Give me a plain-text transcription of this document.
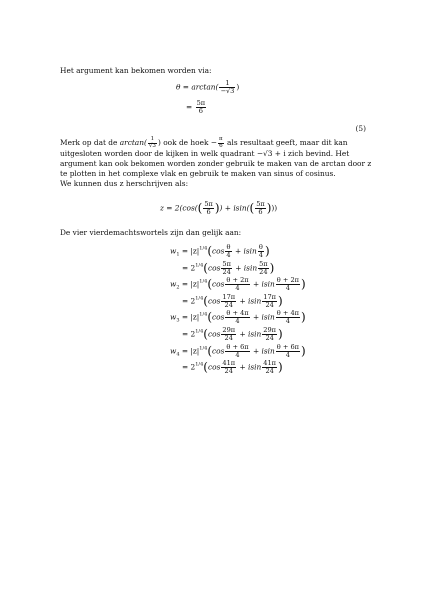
Het argument kan bekomen worden via:
$\theta = \arctan( \frac{1}{-√3}$ )
= $\frac{5\pi}{6}$
(5)
Merk op dat de $\arctan( \frac{1}{√3}$ ) ook de hoek − $\frac{\pi}{6}$ als resultaat geeft, maar dit kan
uitgesloten worden door de kijken in welk quadrant −√3 + i zich bevind. Het
argument kan ook bekomen worden zonder gebruik te maken van de arctan door z
te plotten in het complexe vlak en gebruik te maken van sinus of cosinus.
We kunnen dus z herschrijven als:
$z = 2(\cos(( \frac{5\pi}{6}$ )) + $isin(( \frac{5\pi}{6}$ )))
De vier vierdemachtswortels zijn dan gelijk aan:
$w_1 = |z|^{1/4}(\cos \frac{\theta}{4} + isin \frac{\theta}{4}$ )
= $2^{1/4}(\cos \frac{5\pi}{24} + isin \frac{5\pi}{24}$ )
$w_2 = |z|^{1/4}(\cos \frac{\theta + 2\pi}{4} + isin \frac{\theta + 2\pi}{4}$ )
= $2^{1/4}(\cos \frac{17\pi}{24} + isin \frac{17\pi}{24}$ )
$w_3 = |z|^{1/4}(\cos \frac{\theta + 4\pi}{4} + isin \frac{\theta + 4\pi}{4}$ )
= $2^{1/4}(\cos \frac{29\pi}{24} + isin \frac{29\pi}{24}$ )
$w_4 = |z|^{1/4}(\cos \frac{\theta + 6\pi}{4} + isin \frac{\theta + 6\pi}{4}$ )
= $2^{1/4}(\cos \frac{41\pi}{24} + isin \frac{41\pi}{24}$ )
